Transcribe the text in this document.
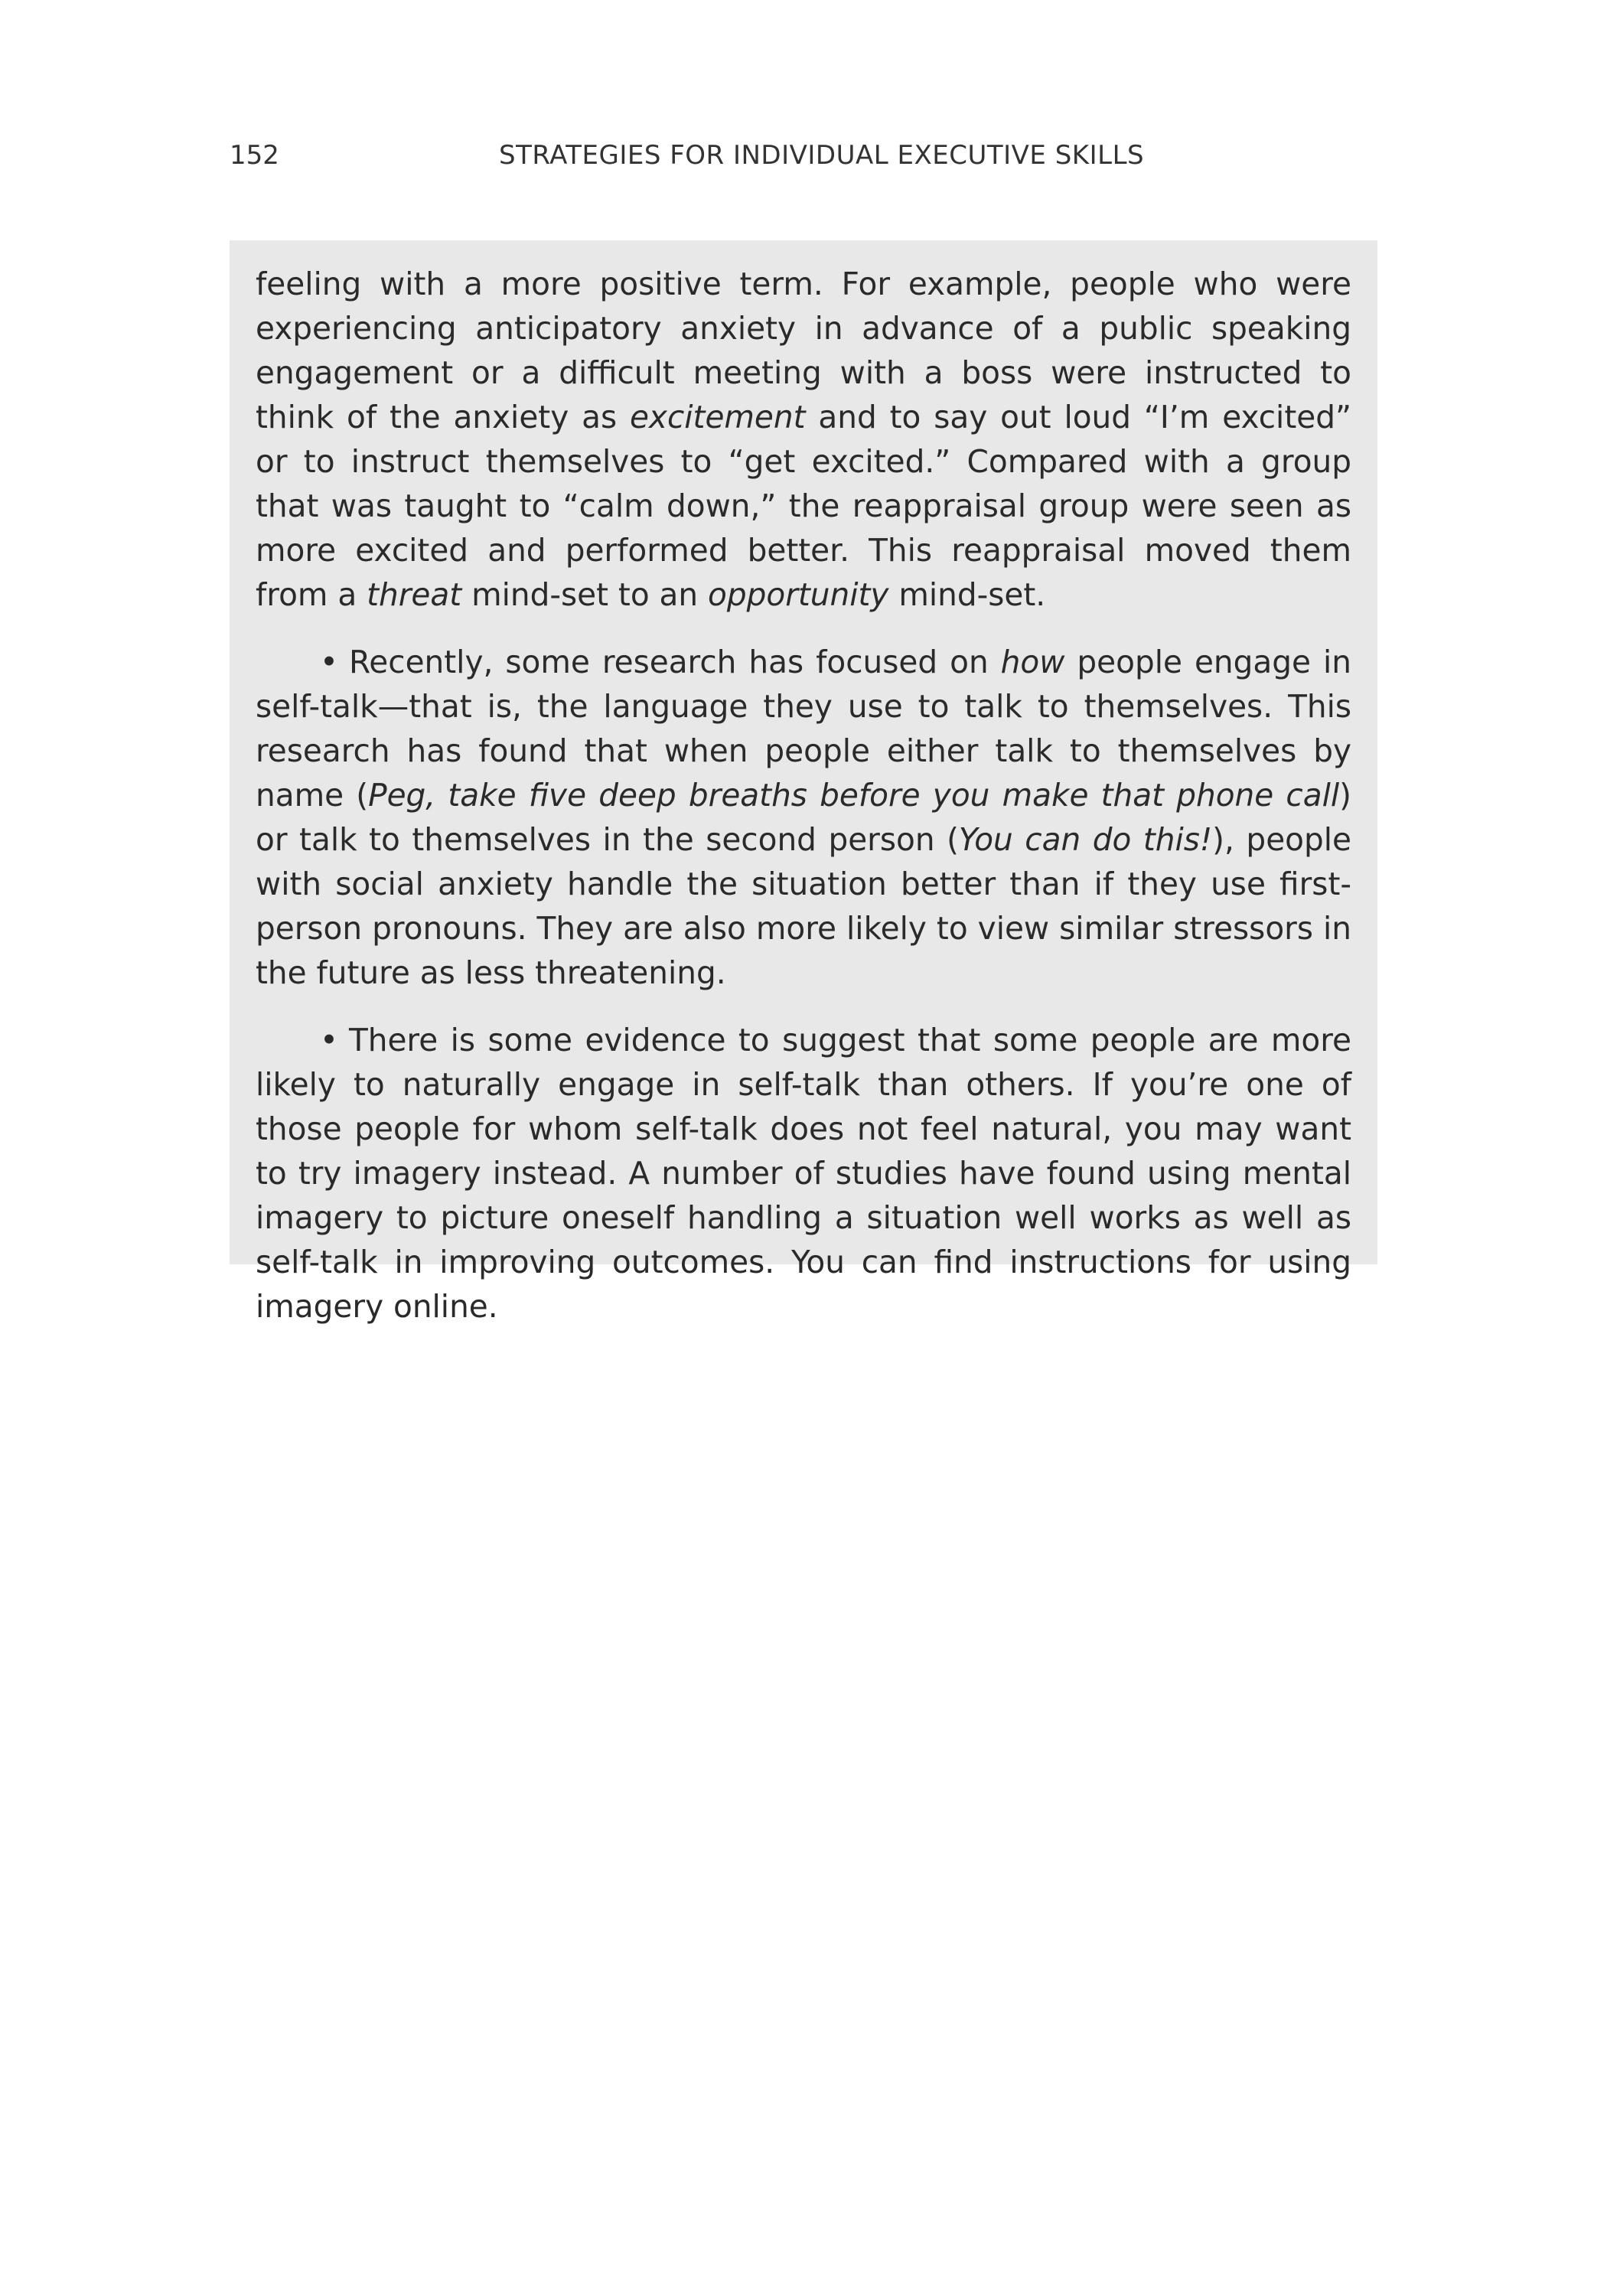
152	STRATEGIES FOR INDIVIDUAL EXECUTIVE SKILLS

feeling with a more positive term. For example, people who were experiencing anticipatory anxiety in advance of a public speaking engagement or a difficult meeting with a boss were instructed to think of the anxiety as excitement and to say out loud “I’m excited” or to instruct themselves to “get excited.” Compared with a group that was taught to “calm down,” the reappraisal group were seen as more excited and performed better. This reappraisal moved them from a threat mind-set to an opportunity mind-set.

• Recently, some research has focused on how people engage in self-talk—that is, the language they use to talk to themselves. This research has found that when people either talk to themselves by name (Peg, take five deep breaths before you make that phone call) or talk to themselves in the second person (You can do this!), people with social anxiety handle the situation better than if they use first-person pronouns. They are also more likely to view similar stressors in the future as less threatening.

• There is some evidence to suggest that some people are more likely to naturally engage in self-talk than others. If you’re one of those people for whom self-talk does not feel natural, you may want to try imagery instead. A number of studies have found using mental imagery to picture oneself handling a situation well works as well as self-talk in improving outcomes. You can find instructions for using imagery online.
